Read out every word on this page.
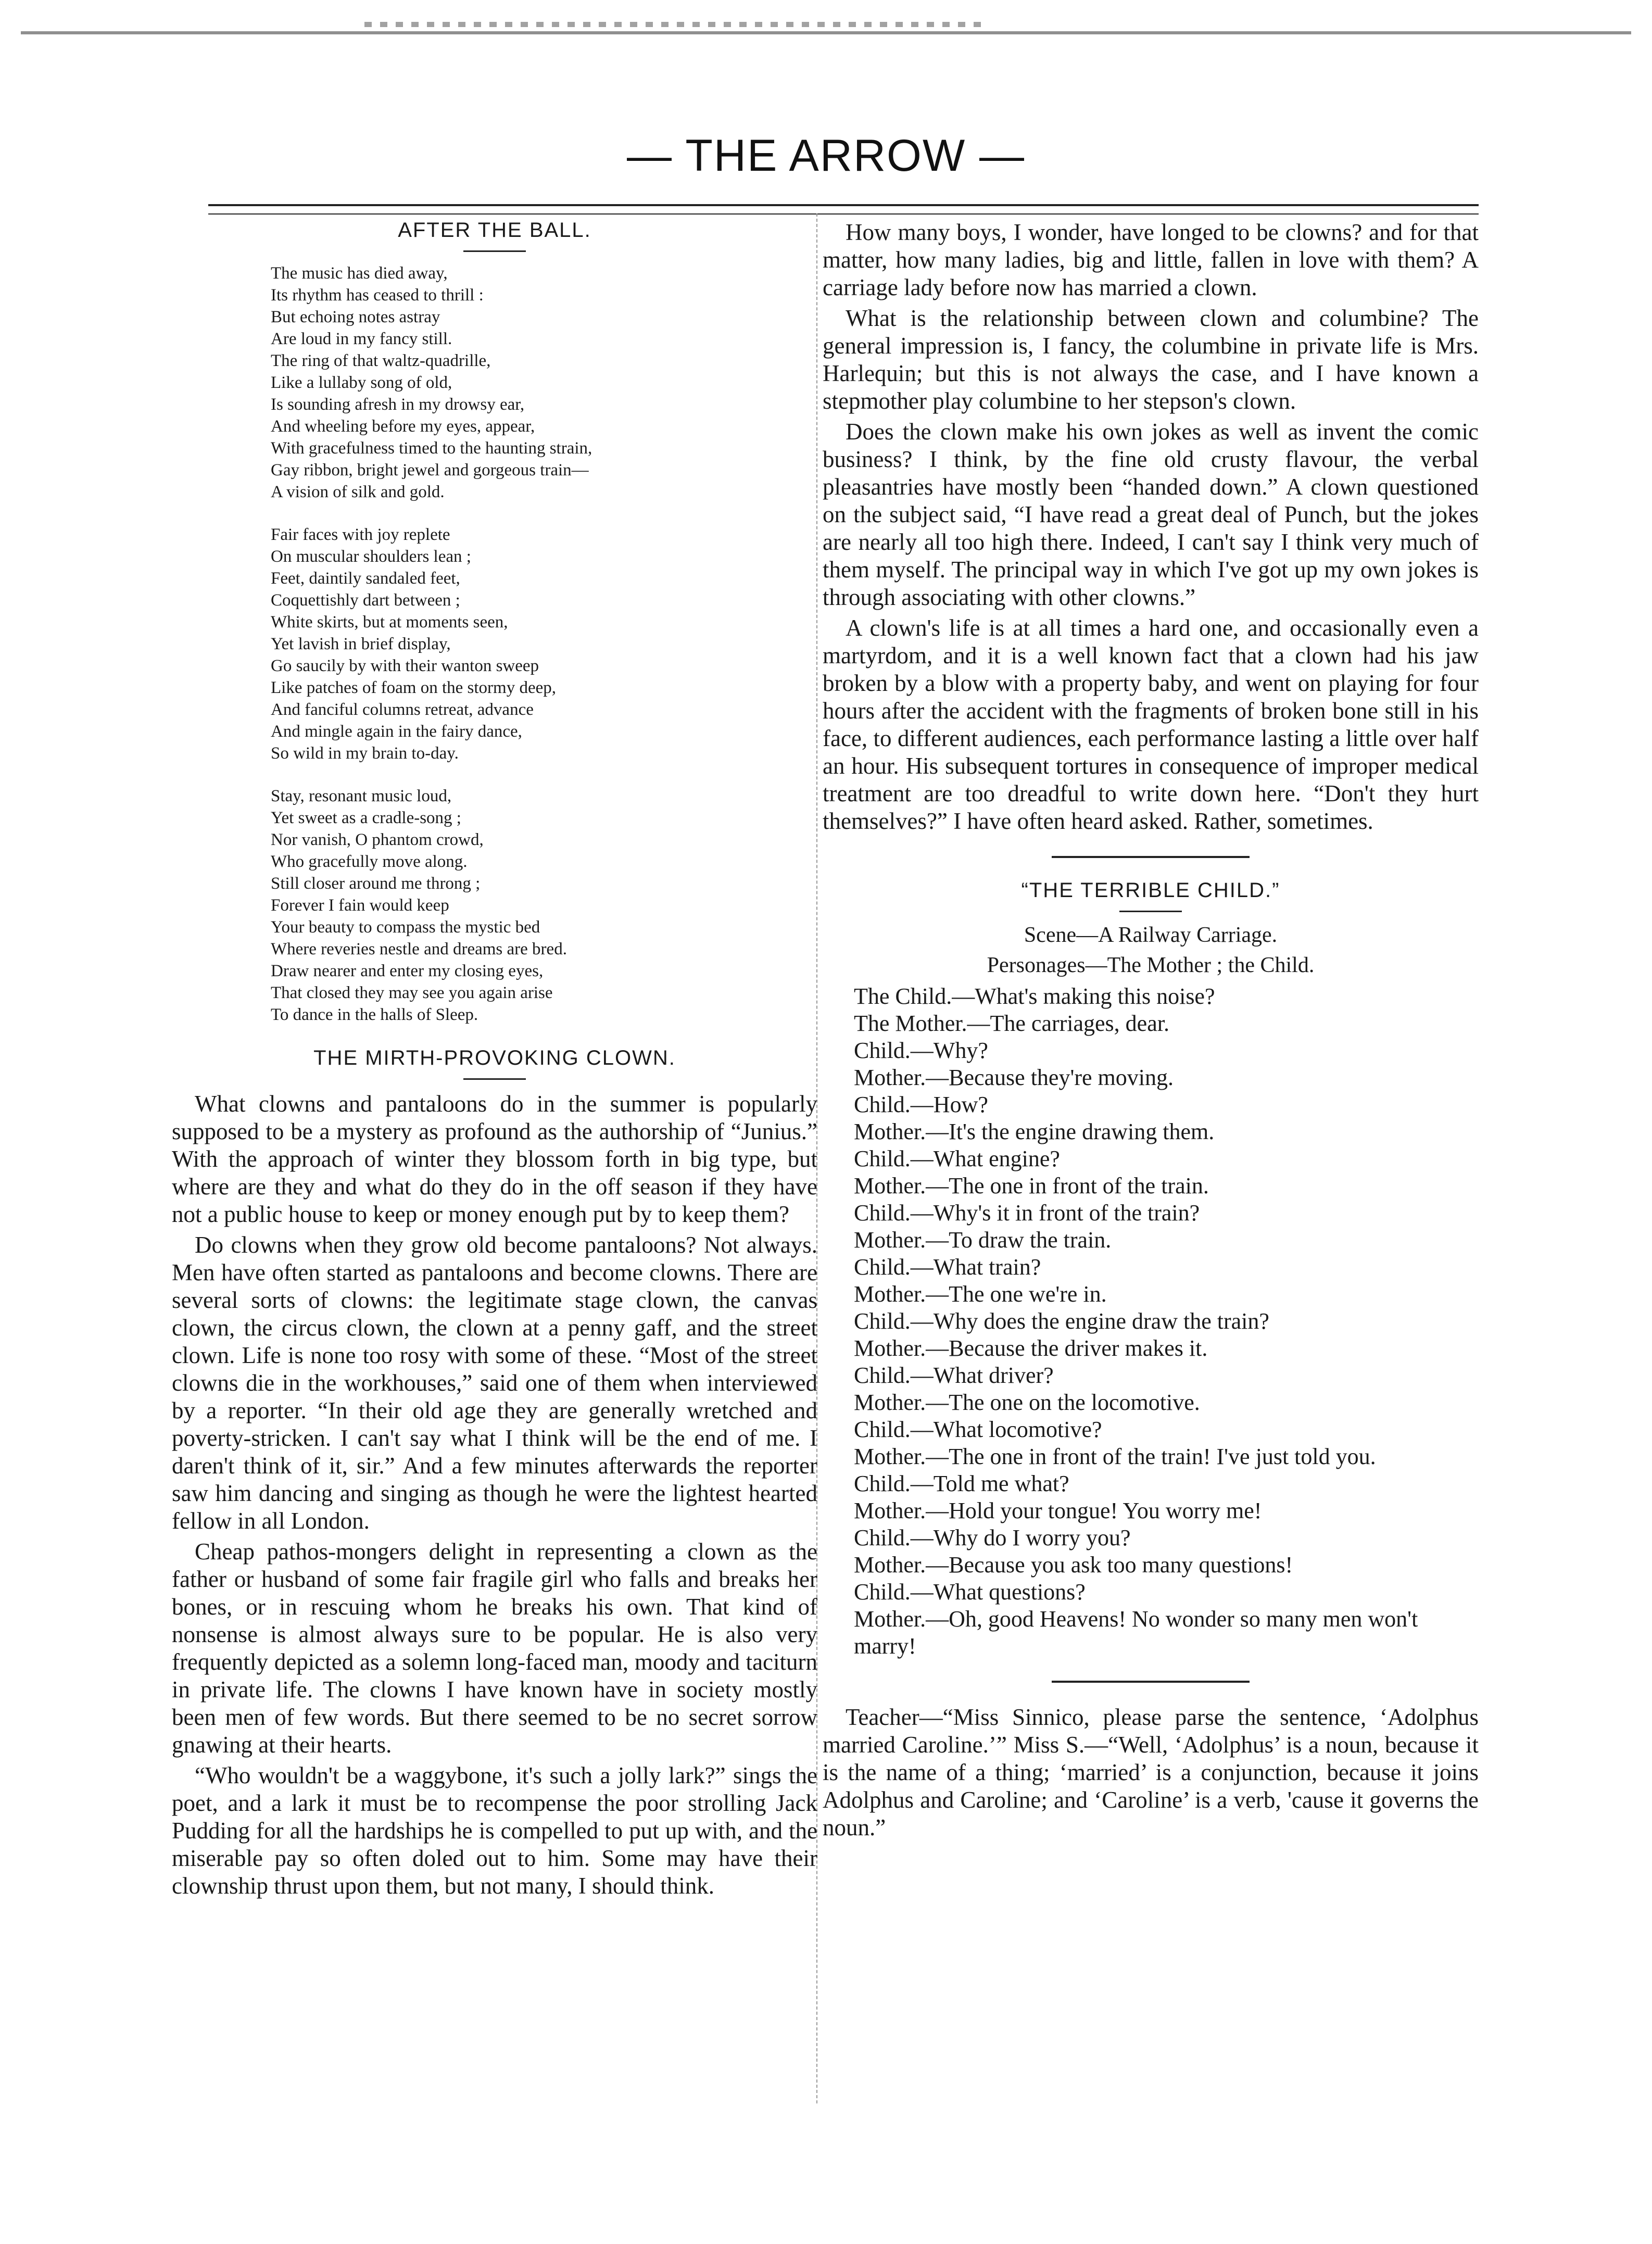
— THE ARROW —
AFTER THE BALL.

The music has died away,

Its rhythm has ceased to thrill :

But echoing notes astray

Are loud in my fancy still.

The ring of that waltz-quadrille,

Like a lullaby song of old,

Is sounding afresh in my drowsy ear,

And wheeling before my eyes, appear,

With gracefulness timed to the haunting strain,

Gay ribbon, bright jewel and gorgeous train—

A vision of silk and gold.

Fair faces with joy replete

On muscular shoulders lean ;

Feet, daintily sandaled feet,

Coquettishly dart between ;

White skirts, but at moments seen,

Yet lavish in brief display,

Go saucily by with their wanton sweep

Like patches of foam on the stormy deep,

And fanciful columns retreat, advance

And mingle again in the fairy dance,

So wild in my brain to-day.

Stay, resonant music loud,

Yet sweet as a cradle-song ;

Nor vanish, O phantom crowd,

Who gracefully move along.

Still closer around me throng ;

Forever I fain would keep

Your beauty to compass the mystic bed

Where reveries nestle and dreams are bred.

Draw nearer and enter my closing eyes,

That closed they may see you again arise

To dance in the halls of Sleep.

THE MIRTH-PROVOKING CLOWN.

What clowns and pantaloons do in the summer is popularly supposed to be a mystery as profound as the authorship of “Junius.” With the approach of winter they blossom forth in big type, but where are they and what do they do in the off season if they have not a public house to keep or money enough put by to keep them?

Do clowns when they grow old become pantaloons? Not always. Men have often started as pantaloons and become clowns. There are several sorts of clowns: the legitimate stage clown, the canvas clown, the circus clown, the clown at a penny gaff, and the street clown. Life is none too rosy with some of these. “Most of the street clowns die in the workhouses,” said one of them when interviewed by a reporter. “In their old age they are generally wretched and poverty-stricken. I can't say what I think will be the end of me. I daren't think of it, sir.” And a few minutes afterwards the reporter saw him dancing and singing as though he were the lightest hearted fellow in all London.

Cheap pathos-mongers delight in representing a clown as the father or husband of some fair fragile girl who falls and breaks her bones, or in rescuing whom he breaks his own. That kind of nonsense is almost always sure to be popular. He is also very frequently depicted as a solemn long-faced man, moody and taciturn in private life. The clowns I have known have in society mostly been men of few words. But there seemed to be no secret sorrow gnawing at their hearts.

“Who wouldn't be a waggybone, it's such a jolly lark?” sings the poet, and a lark it must be to recompense the poor strolling Jack Pudding for all the hardships he is compelled to put up with, and the miserable pay so often doled out to him. Some may have their clownship thrust upon them, but not many, I should think.

How many boys, I wonder, have longed to be clowns? and for that matter, how many ladies, big and little, fallen in love with them? A carriage lady before now has married a clown.

What is the relationship between clown and columbine? The general impression is, I fancy, the columbine in private life is Mrs. Harlequin; but this is not always the case, and I have known a stepmother play columbine to her stepson's clown.

Does the clown make his own jokes as well as invent the comic business? I think, by the fine old crusty flavour, the verbal pleasantries have mostly been “handed down.” A clown questioned on the subject said, “I have read a great deal of Punch, but the jokes are nearly all too high there. Indeed, I can't say I think very much of them myself. The principal way in which I've got up my own jokes is through associating with other clowns.”

A clown's life is at all times a hard one, and occasionally even a martyrdom, and it is a well known fact that a clown had his jaw broken by a blow with a property baby, and went on playing for four hours after the accident with the fragments of broken bone still in his face, to different audiences, each performance lasting a little over half an hour. His subsequent tortures in consequence of improper medical treatment are too dreadful to write down here. “Don't they hurt themselves?” I have often heard asked. Rather, sometimes.

“THE TERRIBLE CHILD.”
Scene—A Railway Carriage.
Personages—The Mother ; the Child.

The Child.—What's making this noise?

The Mother.—The carriages, dear.

Child.—Why?

Mother.—Because they're moving.

Child.—How?

Mother.—It's the engine drawing them.

Child.—What engine?

Mother.—The one in front of the train.

Child.—Why's it in front of the train?

Mother.—To draw the train.

Child.—What train?

Mother.—The one we're in.

Child.—Why does the engine draw the train?

Mother.—Because the driver makes it.

Child.—What driver?

Mother.—The one on the locomotive.

Child.—What locomotive?

Mother.—The one in front of the train! I've just told you.

Child.—Told me what?

Mother.—Hold your tongue! You worry me!

Child.—Why do I worry you?

Mother.—Because you ask too many questions!

Child.—What questions?

Mother.—Oh, good Heavens! No wonder so many men won't marry!

Teacher—“Miss Sinnico, please parse the sentence, ‘Adolphus married Caroline.’” Miss S.—“Well, ‘Adolphus’ is a noun, because it is the name of a thing; ‘married’ is a conjunction, because it joins Adolphus and Caroline; and ‘Caroline’ is a verb, 'cause it governs the noun.”
